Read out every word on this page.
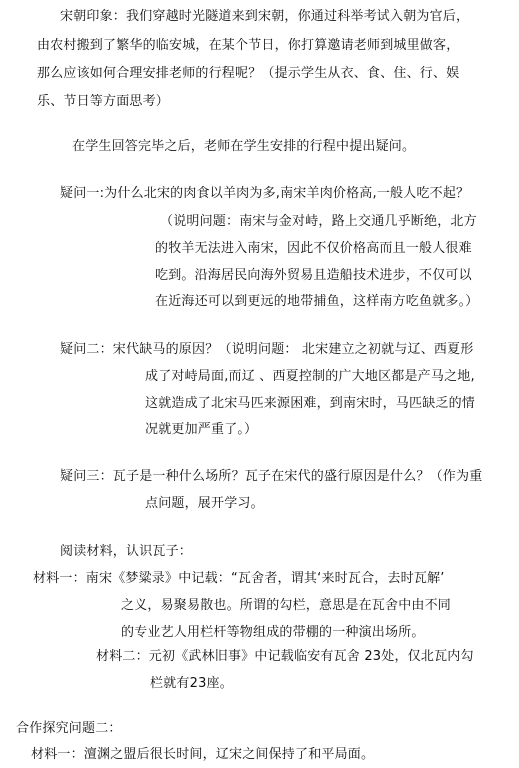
宋朝印象：我们穿越时光隧道来到宋朝，你通过科举考试入朝为官后，
由农村搬到了繁华的临安城，在某个节日，你打算邀请老师到城里做客，
那么应该如何合理安排老师的行程呢？（提示学生从衣、食、住、行、娱
乐、节日等方面思考）
在学生回答完毕之后，老师在学生安排的行程中提出疑问。
疑问一:为什么北宋的肉食以羊肉为多,南宋羊肉价格高,一般人吃不起？
（说明问题：南宋与金对峙，路上交通几乎断绝，北方
的牧羊无法进入南宋，因此不仅价格高而且一般人很难
吃到。沿海居民向海外贸易且造船技术进步，不仅可以
在近海还可以到更远的地带捕鱼，这样南方吃鱼就多。）
疑问二：宋代缺马的原因？（说明问题： 北宋建立之初就与辽、西夏形
成了对峙局面,而辽 、西夏控制的广大地区都是产马之地,
这就造成了北宋马匹来源困难，到南宋时，马匹缺乏的情
况就更加严重了。）
疑问三：瓦子是一种什么场所？瓦子在宋代的盛行原因是什么？（作为重
点问题，展开学习。
阅读材料，认识瓦子：
材料一：南宋《梦粱录》中记载：“瓦舍者，谓其‘来时瓦合，去时瓦解’
之义，易聚易散也。所谓的勾栏，意思是在瓦舍中由不同
的专业艺人用栏杆等物组成的带棚的一种演出场所。
材料二：元初《武林旧事》中记载临安有瓦舍 23处，仅北瓦内勾
栏就有23座。
合作探究问题二：
材料一：澶渊之盟后很长时间，辽宋之间保持了和平局面。
